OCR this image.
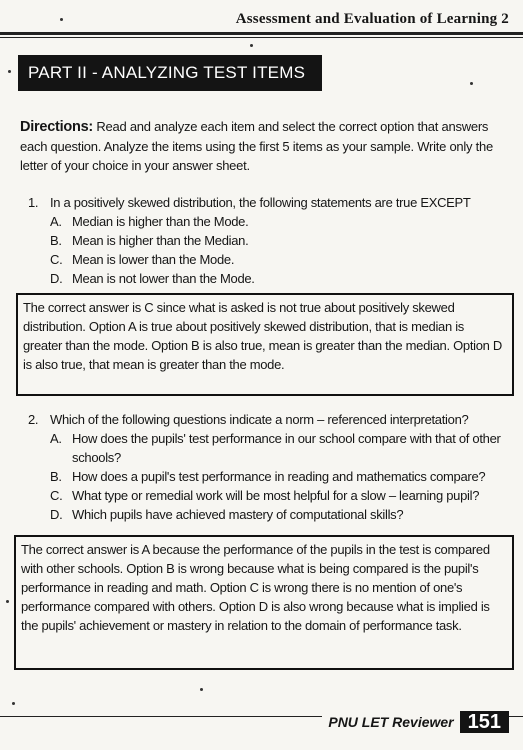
Assessment and Evaluation of Learning 2
PART II - ANALYZING TEST ITEMS
Directions: Read and analyze each item and select the correct option that answers each question. Analyze the items using the first 5 items as your sample. Write only the letter of your choice in your answer sheet.
1. In a positively skewed distribution, the following statements are true EXCEPT
A. Median is higher than the Mode.
B. Mean is higher than the Median.
C. Mean is lower than the Mode.
D. Mean is not lower than the Mode.
The correct answer is C since what is asked is not true about positively skewed distribution. Option A is true about positively skewed distribution, that is median is greater than the mode. Option B is also true, mean is greater than the median. Option D is also true, that mean is greater than the mode.
2. Which of the following questions indicate a norm – referenced interpretation?
A. How does the pupils' test performance in our school compare with that of other schools?
B. How does a pupil's test performance in reading and mathematics compare?
C. What type or remedial work will be most helpful for a slow – learning pupil?
D. Which pupils have achieved mastery of computational skills?
The correct answer is A because the performance of the pupils in the test is compared with other schools. Option B is wrong because what is being compared is the pupil's performance in reading and math. Option C is wrong there is no mention of one's performance compared with others. Option D is also wrong because what is implied is the pupils' achievement or mastery in relation to the domain of performance task.
PNU LET Reviewer 151
